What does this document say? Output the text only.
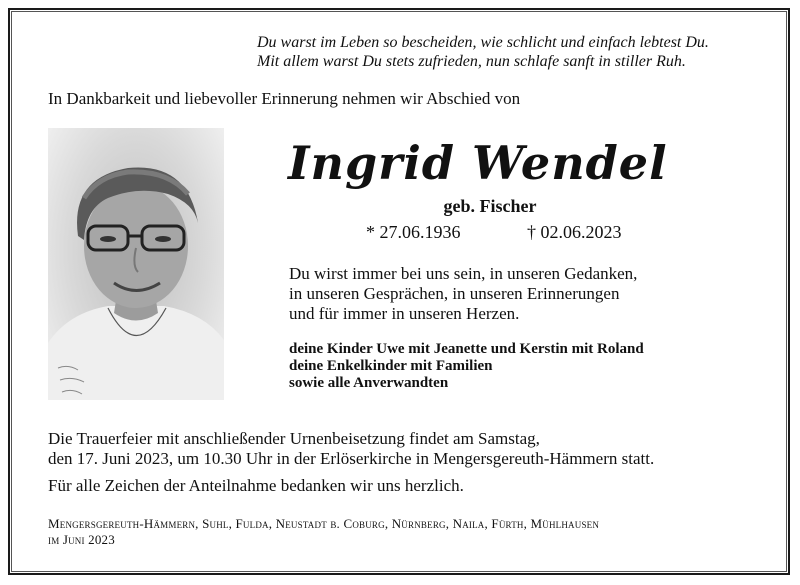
Du warst im Leben so bescheiden, wie schlicht und einfach lebtest Du.
Mit allem warst Du stets zufrieden, nun schlafe sanft in stiller Ruh.
In Dankbarkeit und liebevoller Erinnerung nehmen wir Abschied von
Ingrid Wendel
geb. Fischer
* 27.06.1936	† 02.06.2023
Du wirst immer bei uns sein, in unseren Gedanken,
in unseren Gesprächen, in unseren Erinnerungen
und für immer in unseren Herzen.
deine Kinder Uwe mit Jeanette und Kerstin mit Roland
deine Enkelkinder mit Familien
sowie alle Anverwandten
Die Trauerfeier mit anschließender Urnenbeisetzung findet am Samstag,
den 17. Juni 2023, um 10.30 Uhr in der Erlöserkirche in Mengersgereuth-Hämmern statt.
Für alle Zeichen der Anteilnahme bedanken wir uns herzlich.
Mengersgereuth-Hämmern, Suhl, Fulda, Neustadt b. Coburg, Nürnberg, Naila, Fürth, Mühlhausen
im Juni 2023
